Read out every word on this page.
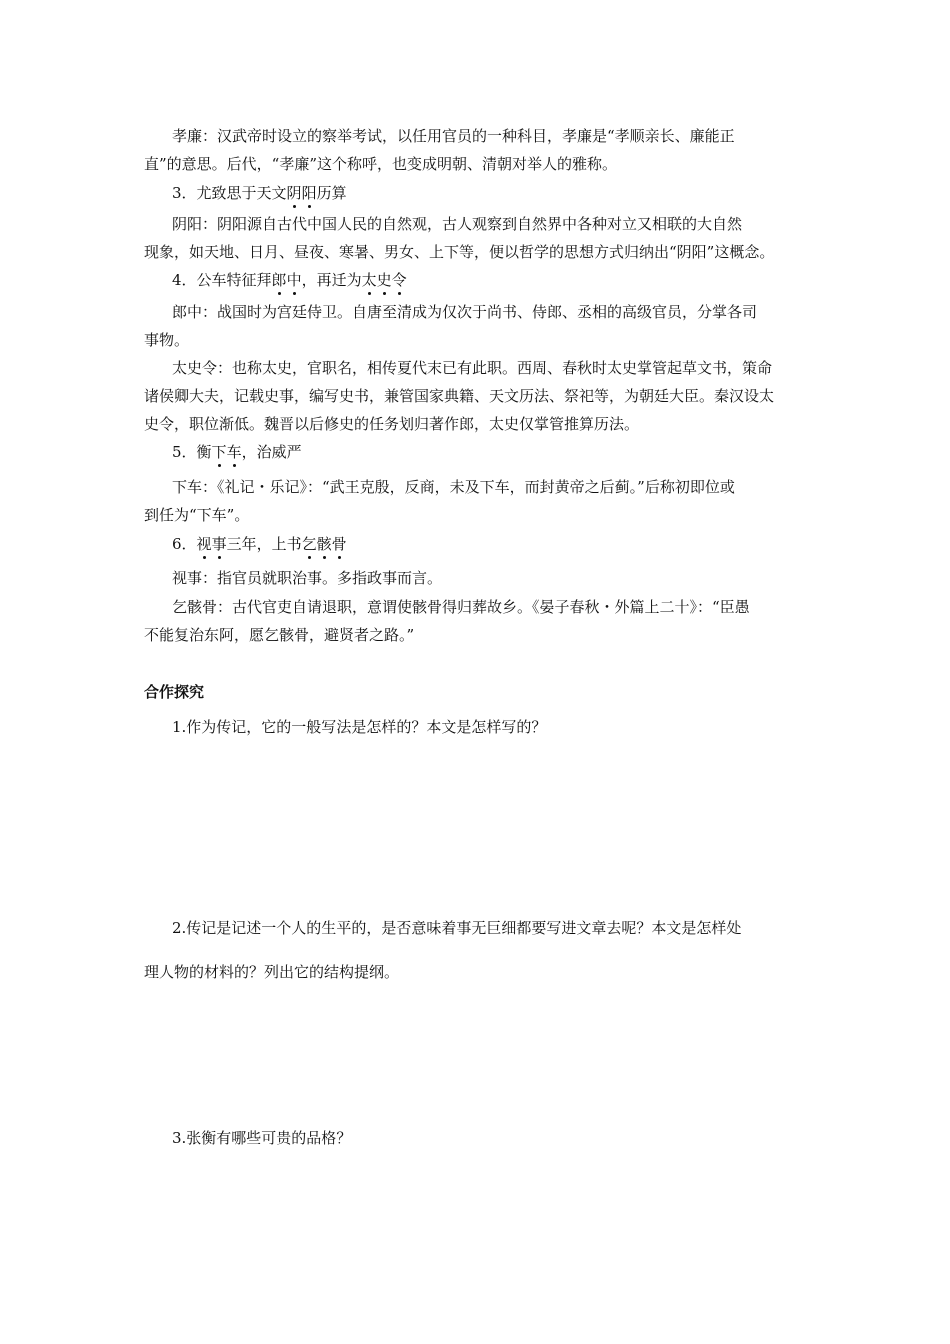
孝廉：汉武帝时设立的察举考试，以任用官员的一种科目，孝廉是“孝顺亲长、廉能正
直”的意思。后代，“孝廉”这个称呼，也变成明朝、清朝对举人的雅称。
3．尤致思于天文阴阳历算
阴阳：阴阳源自古代中国人民的自然观，古人观察到自然界中各种对立又相联的大自然
现象，如天地、日月、昼夜、寒暑、男女、上下等，便以哲学的思想方式归纳出“阴阳”这概念。
4．公车特征拜郎中，再迁为太史令
郎中：战国时为宫廷侍卫。自唐至清成为仅次于尚书、侍郎、丞相的高级官员，分掌各司
事物。
太史令：也称太史，官职名，相传夏代末已有此职。西周、春秋时太史掌管起草文书，策命
诸侯卿大夫，记载史事，编写史书，兼管国家典籍、天文历法、祭祀等，为朝廷大臣。秦汉设太
史令，职位渐低。魏晋以后修史的任务划归著作郎，太史仅掌管推算历法。
5．衡下车，治威严
下车：《礼记・乐记》：“武王克殷，反商，未及下车，而封黄帝之后蓟。”后称初即位或
到任为“下车”。
6．视事三年，上书乞骸骨
视事：指官员就职治事。多指政事而言。
乞骸骨：古代官吏自请退职，意谓使骸骨得归葬故乡。《晏子春秋・外篇上二十》：“臣愚
不能复治东阿，愿乞骸骨，避贤者之路。”
合作探究
1.作为传记，它的一般写法是怎样的？本文是怎样写的？
2.传记是记述一个人的生平的，是否意味着事无巨细都要写进文章去呢？本文是怎样处
理人物的材料的？列出它的结构提纲。
3.张衡有哪些可贵的品格？
